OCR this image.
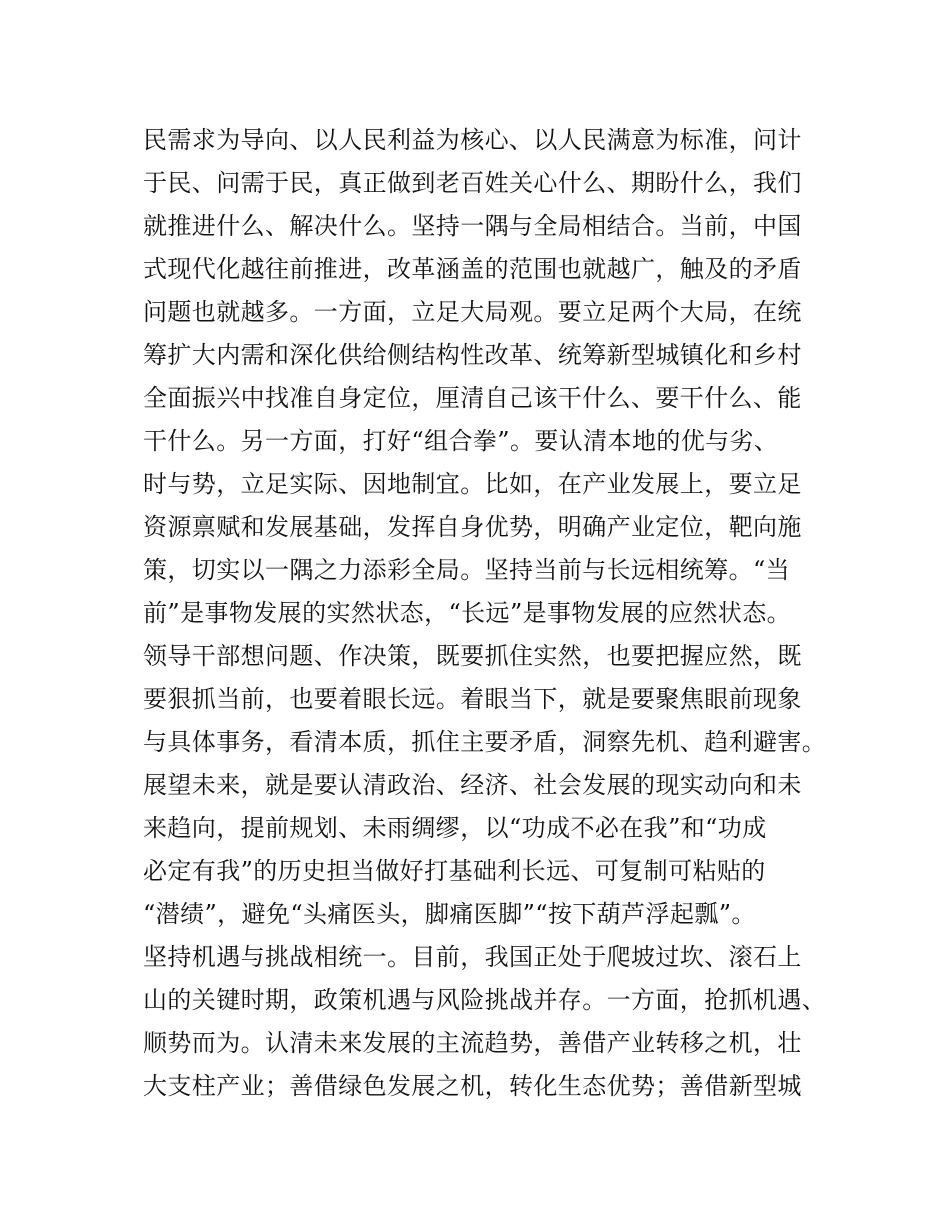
民需求为导向、以人民利益为核心、以人民满意为标准，问计
于民、问需于民，真正做到老百姓关心什么、期盼什么，我们
就推进什么、解决什么。坚持一隅与全局相结合。当前，中国
式现代化越往前推进，改革涵盖的范围也就越广，触及的矛盾
问题也就越多。一方面，立足大局观。要立足两个大局，在统
筹扩大内需和深化供给侧结构性改革、统筹新型城镇化和乡村
全面振兴中找准自身定位，厘清自己该干什么、要干什么、能
干什么。另一方面，打好“组合拳”。要认清本地的优与劣、
时与势，立足实际、因地制宜。比如，在产业发展上，要立足
资源禀赋和发展基础，发挥自身优势，明确产业定位，靶向施
策，切实以一隅之力添彩全局。坚持当前与长远相统筹。“当
前”是事物发展的实然状态，“长远”是事物发展的应然状态。
领导干部想问题、作决策，既要抓住实然，也要把握应然，既
要狠抓当前，也要着眼长远。着眼当下，就是要聚焦眼前现象
与具体事务，看清本质，抓住主要矛盾，洞察先机、趋利避害。
展望未来，就是要认清政治、经济、社会发展的现实动向和未
来趋向，提前规划、未雨绸缪，以“功成不必在我”和“功成
必定有我”的历史担当做好打基础利长远、可复制可粘贴的
“潜绩”，避免“头痛医头，脚痛医脚”“按下葫芦浮起瓢”。
坚持机遇与挑战相统一。目前，我国正处于爬坡过坎、滚石上
山的关键时期，政策机遇与风险挑战并存。一方面，抢抓机遇、
顺势而为。认清未来发展的主流趋势，善借产业转移之机，壮
大支柱产业；善借绿色发展之机，转化生态优势；善借新型城
